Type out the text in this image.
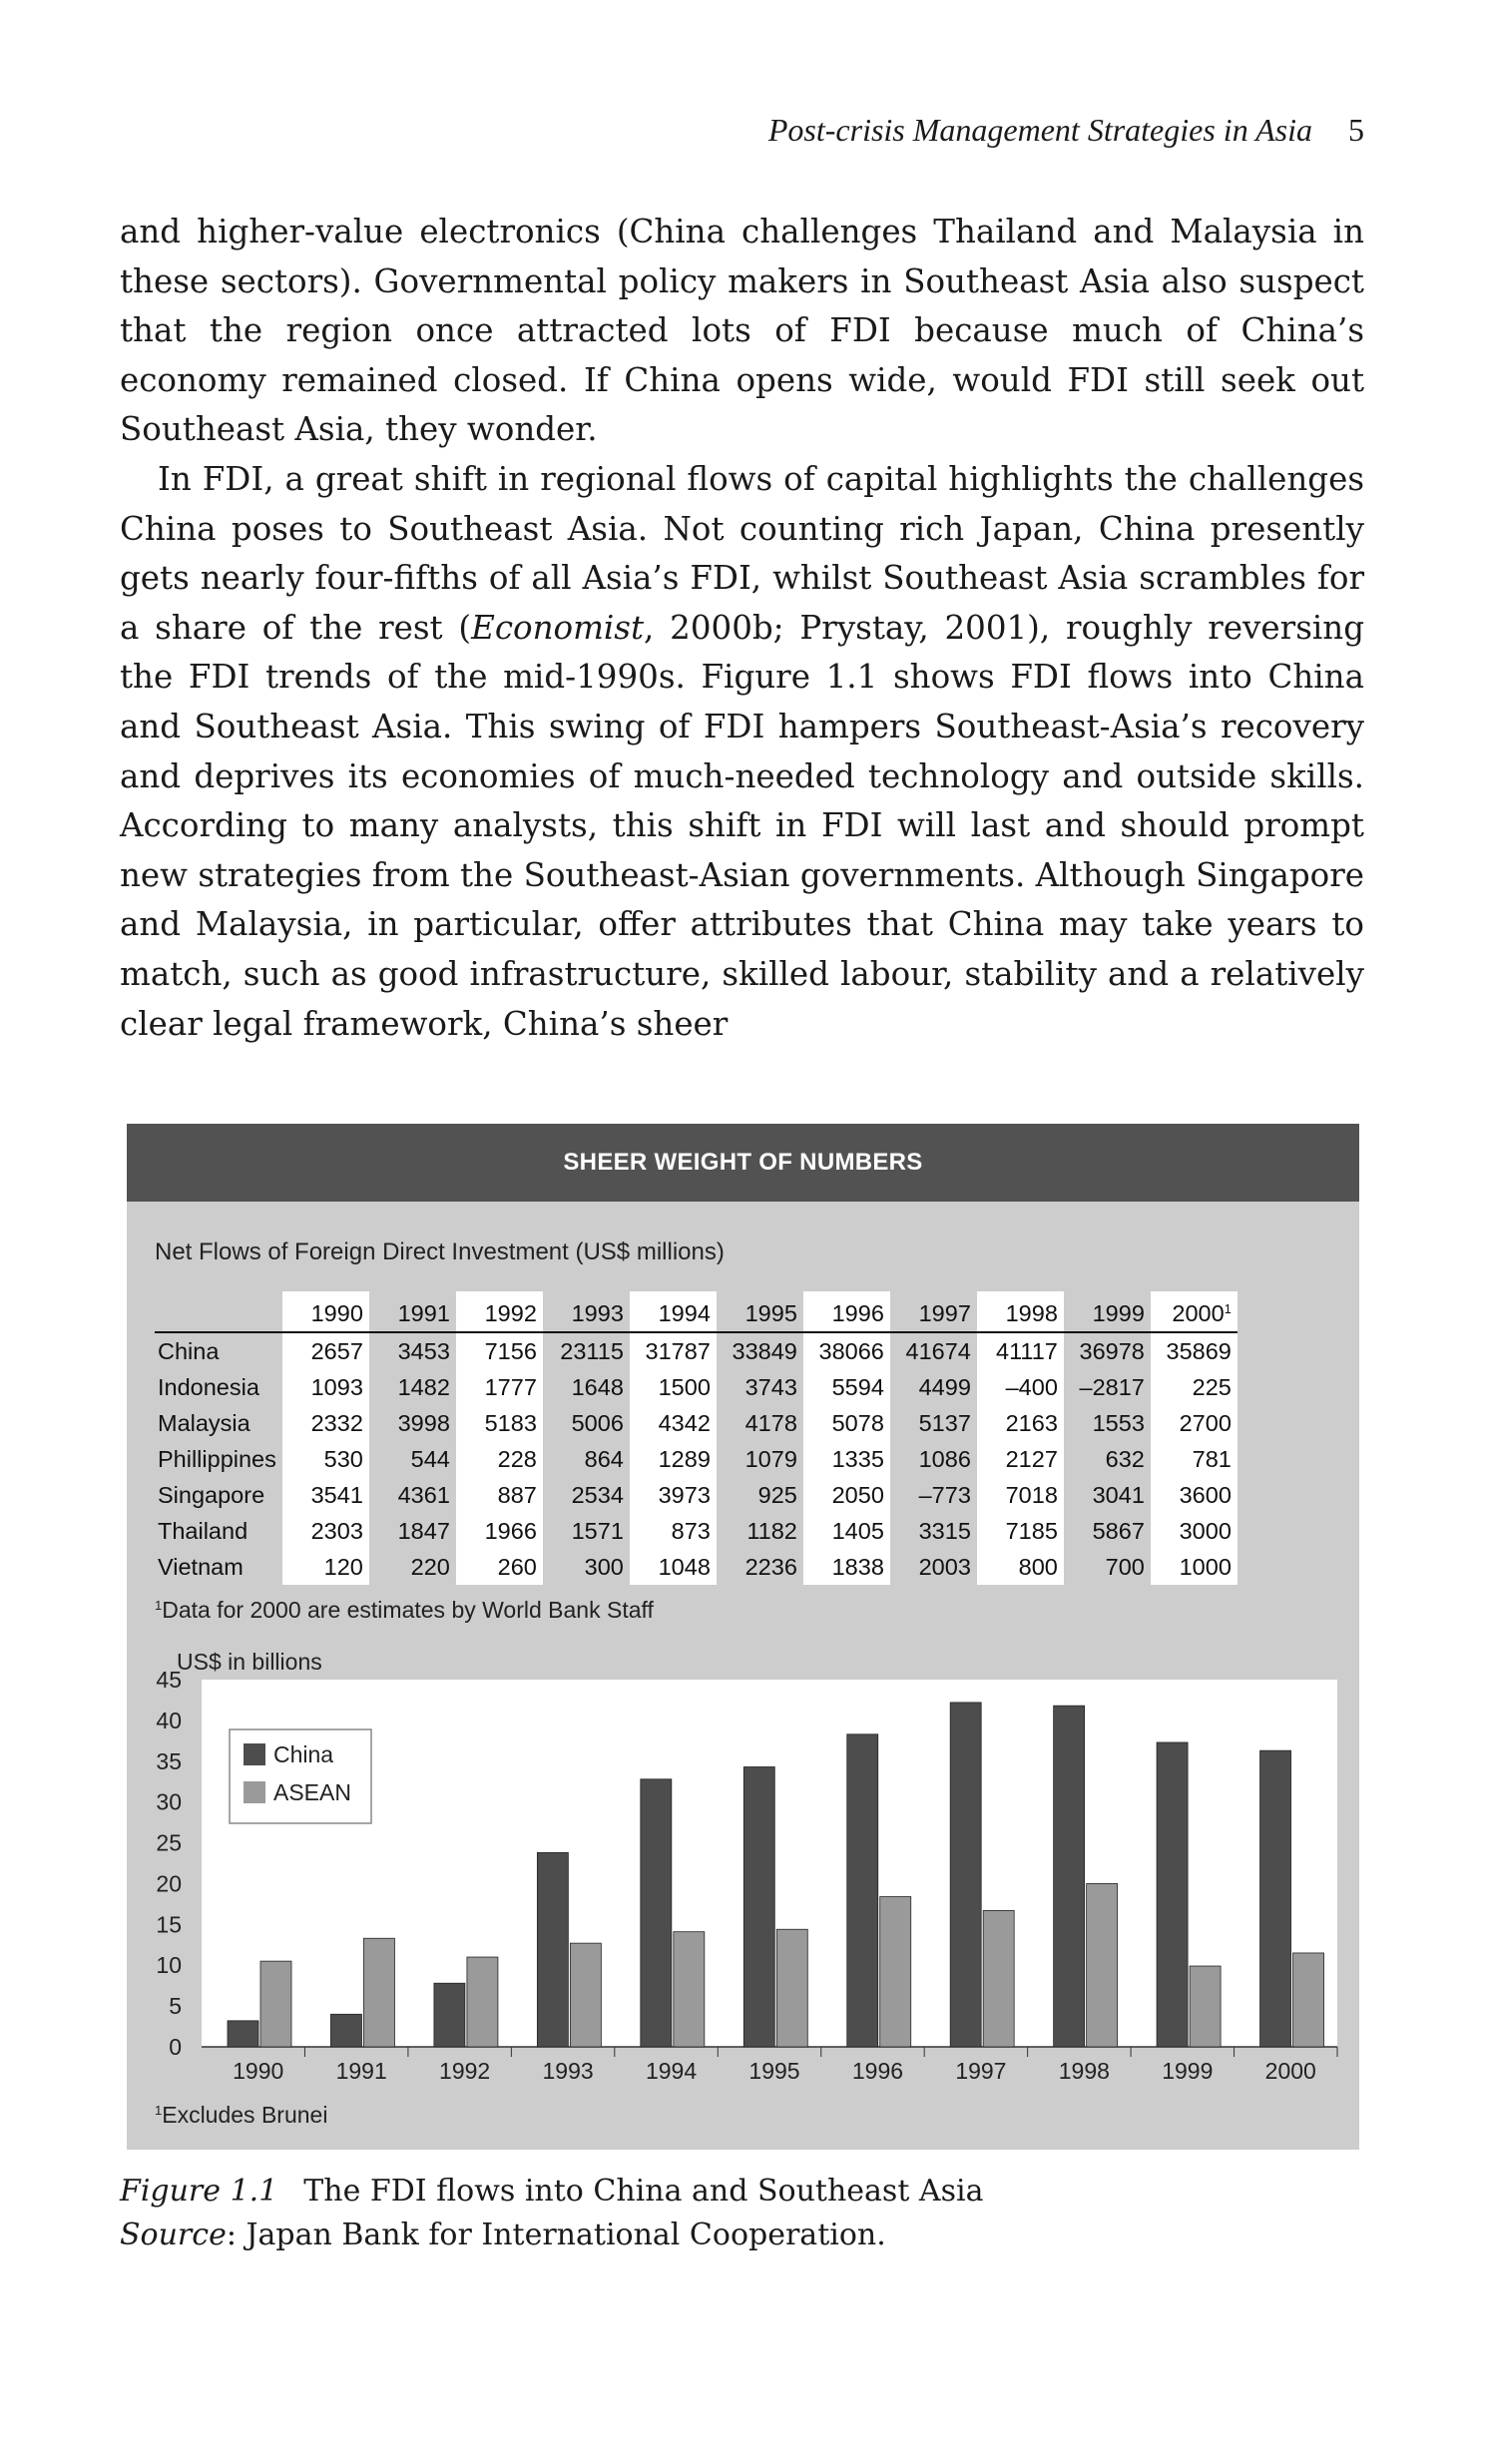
Post-crisis Management Strategies in Asia 5

and higher-value electronics (China challenges Thailand and Malaysia in these sectors). Governmental policy makers in Southeast Asia also suspect that the region once attracted lots of FDI because much of China’s economy remained closed. If China opens wide, would FDI still seek out Southeast Asia, they wonder.

In FDI, a great shift in regional flows of capital highlights the challenges China poses to Southeast Asia. Not counting rich Japan, China presently gets nearly four-fifths of all Asia’s FDI, whilst Southeast Asia scrambles for a share of the rest (Economist, 2000b; Prystay, 2001), roughly reversing the FDI trends of the mid-1990s. Figure 1.1 shows FDI flows into China and Southeast Asia. This swing of FDI hampers Southeast-Asia’s recovery and deprives its economies of much-needed technology and outside skills. According to many analysts, this shift in FDI will last and should prompt new strategies from the Southeast-Asian governments. Although Singapore and Malaysia, in particular, offer attributes that China may take years to match, such as good infrastructure, skilled labour, stability and a relatively clear legal framework, China’s sheer

SHEER WEIGHT OF NUMBERS
Net Flows of Foreign Direct Investment (US$ millions)
	1990	1991	1992	1993	1994	1995	1996	1997	1998	1999	2000$^1$
China	2657	3453	7156	23115	31787	33849	38066	41674	41117	36978	35869
Indonesia	1093	1482	1777	1648	1500	3743	5594	4499	–400	–2817	225
Malaysia	2332	3998	5183	5006	4342	4178	5078	5137	2163	1553	2700
Phillippines	530	544	228	864	1289	1079	1335	1086	2127	632	781
Singapore	3541	4361	887	2534	3973	925	2050	–773	7018	3041	3600
Thailand	2303	1847	1966	1571	873	1182	1405	3315	7185	5867	3000
Vietnam	120	220	260	300	1048	2236	1838	2003	800	700	1000
$^1$Data for 2000 are estimates by World Bank Staff
US$ in billions
0
5
10
15
20
25
30
35
40
45
1990 1991 1992 1993 1994 1995 1996 1997 1998 1999 2000
China
ASEAN
$^1$Excludes Brunei
Figure 1.1 The FDI flows into China and Southeast Asia
Source: Japan Bank for International Cooperation.
